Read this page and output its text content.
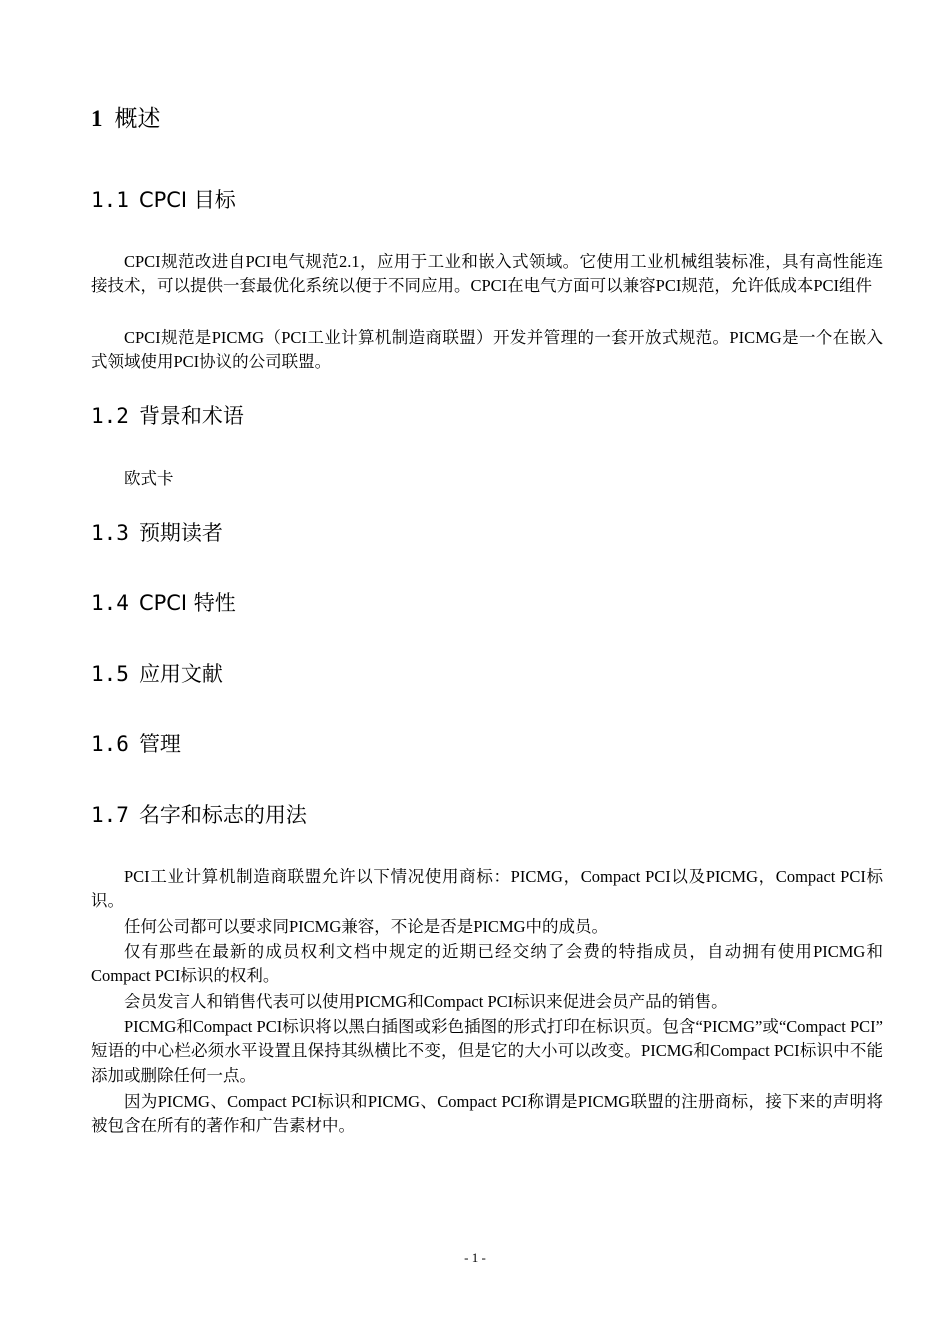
1 概述
1.1 CPCI 目标

CPCI规范改进自PCI电气规范2.1，应用于工业和嵌入式领域。它使用工业机械组装标准，具有高性能连接技术，可以提供一套最优化系统以便于不同应用。CPCI在电气方面可以兼容PCI规范，允许低成本PCI组件

CPCI规范是PICMG（PCI工业计算机制造商联盟）开发并管理的一套开放式规范。PICMG是一个在嵌入式领域使用PCI协议的公司联盟。

1.2 背景和术语

欧式卡

1.3 预期读者
1.4 CPCI 特性
1.5 应用文献
1.6 管理
1.7 名字和标志的用法

PCI工业计算机制造商联盟允许以下情况使用商标：PICMG，Compact PCI以及PICMG，Compact PCI标识。

任何公司都可以要求同PICMG兼容，不论是否是PICMG中的成员。

仅有那些在最新的成员权利文档中规定的近期已经交纳了会费的特指成员，自动拥有使用PICMG和Compact PCI标识的权利。

会员发言人和销售代表可以使用PICMG和Compact PCI标识来促进会员产品的销售。

PICMG和Compact PCI标识将以黑白插图或彩色插图的形式打印在标识页。包含“PICMG”或“Compact PCI” 短语的中心栏必须水平设置且保持其纵横比不变，但是它的大小可以改变。PICMG和Compact PCI标识中不能添加或删除任何一点。

因为PICMG、Compact PCI标识和PICMG、Compact PCI称谓是PICMG联盟的注册商标，接下来的声明将被包含在所有的著作和广告素材中。

- 1 -
